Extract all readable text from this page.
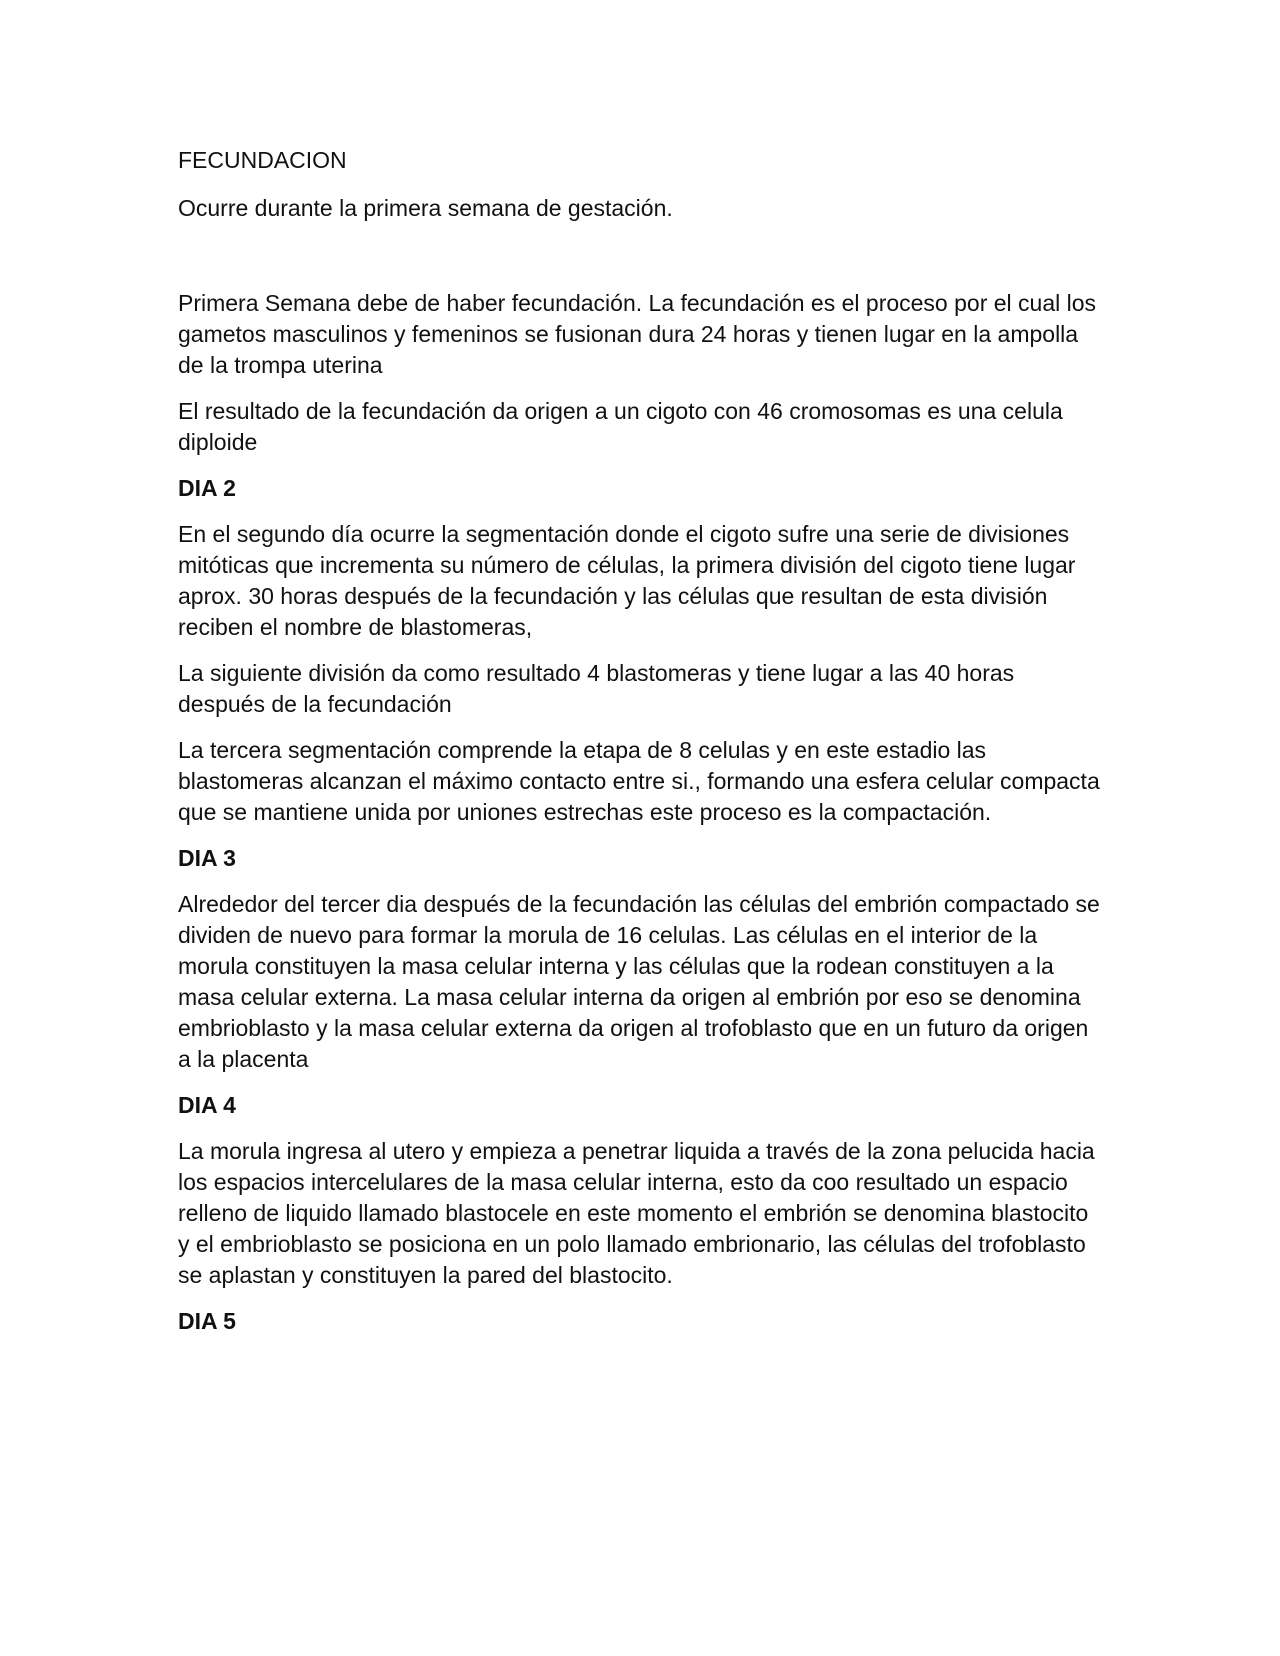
FECUNDACION

Ocurre durante la primera semana de gestación.

Primera Semana debe de haber fecundación. La fecundación es el proceso por el cual los gametos masculinos y femeninos se fusionan dura 24 horas y tienen lugar en la ampolla de la trompa uterina

El resultado de la fecundación da origen a un cigoto con 46 cromosomas es una celula diploide

DIA 2

En el segundo día ocurre la segmentación donde el cigoto sufre una serie de divisiones mitóticas que incrementa su número de células, la primera división del cigoto tiene lugar aprox. 30 horas después de la fecundación y las células que resultan de esta división reciben el nombre de blastomeras,

La siguiente división da como resultado 4 blastomeras y tiene lugar a las 40 horas después de la fecundación

La tercera segmentación comprende la etapa de 8 celulas y en este estadio las blastomeras alcanzan el máximo contacto entre si., formando una esfera celular compacta que se mantiene unida por uniones estrechas este proceso es la compactación.

DIA 3

Alrededor del tercer dia después de la fecundación las células del embrión compactado se dividen de nuevo para formar la morula de 16 celulas. Las células en el interior de la morula constituyen la masa celular interna y las células que la rodean constituyen a la masa celular externa. La masa celular interna da origen al embrión por eso se denomina embrioblasto y la masa celular externa da origen al trofoblasto que en un futuro da origen a la placenta

DIA 4

La morula ingresa al utero y empieza a penetrar liquida a través de la zona pelucida hacia los espacios intercelulares de la masa celular interna, esto da coo resultado un espacio relleno de liquido llamado blastocele en este momento el embrión se denomina blastocito y el embrioblasto se posiciona en un polo llamado embrionario, las células del trofoblasto se aplastan y constituyen la pared del blastocito.

DIA 5
